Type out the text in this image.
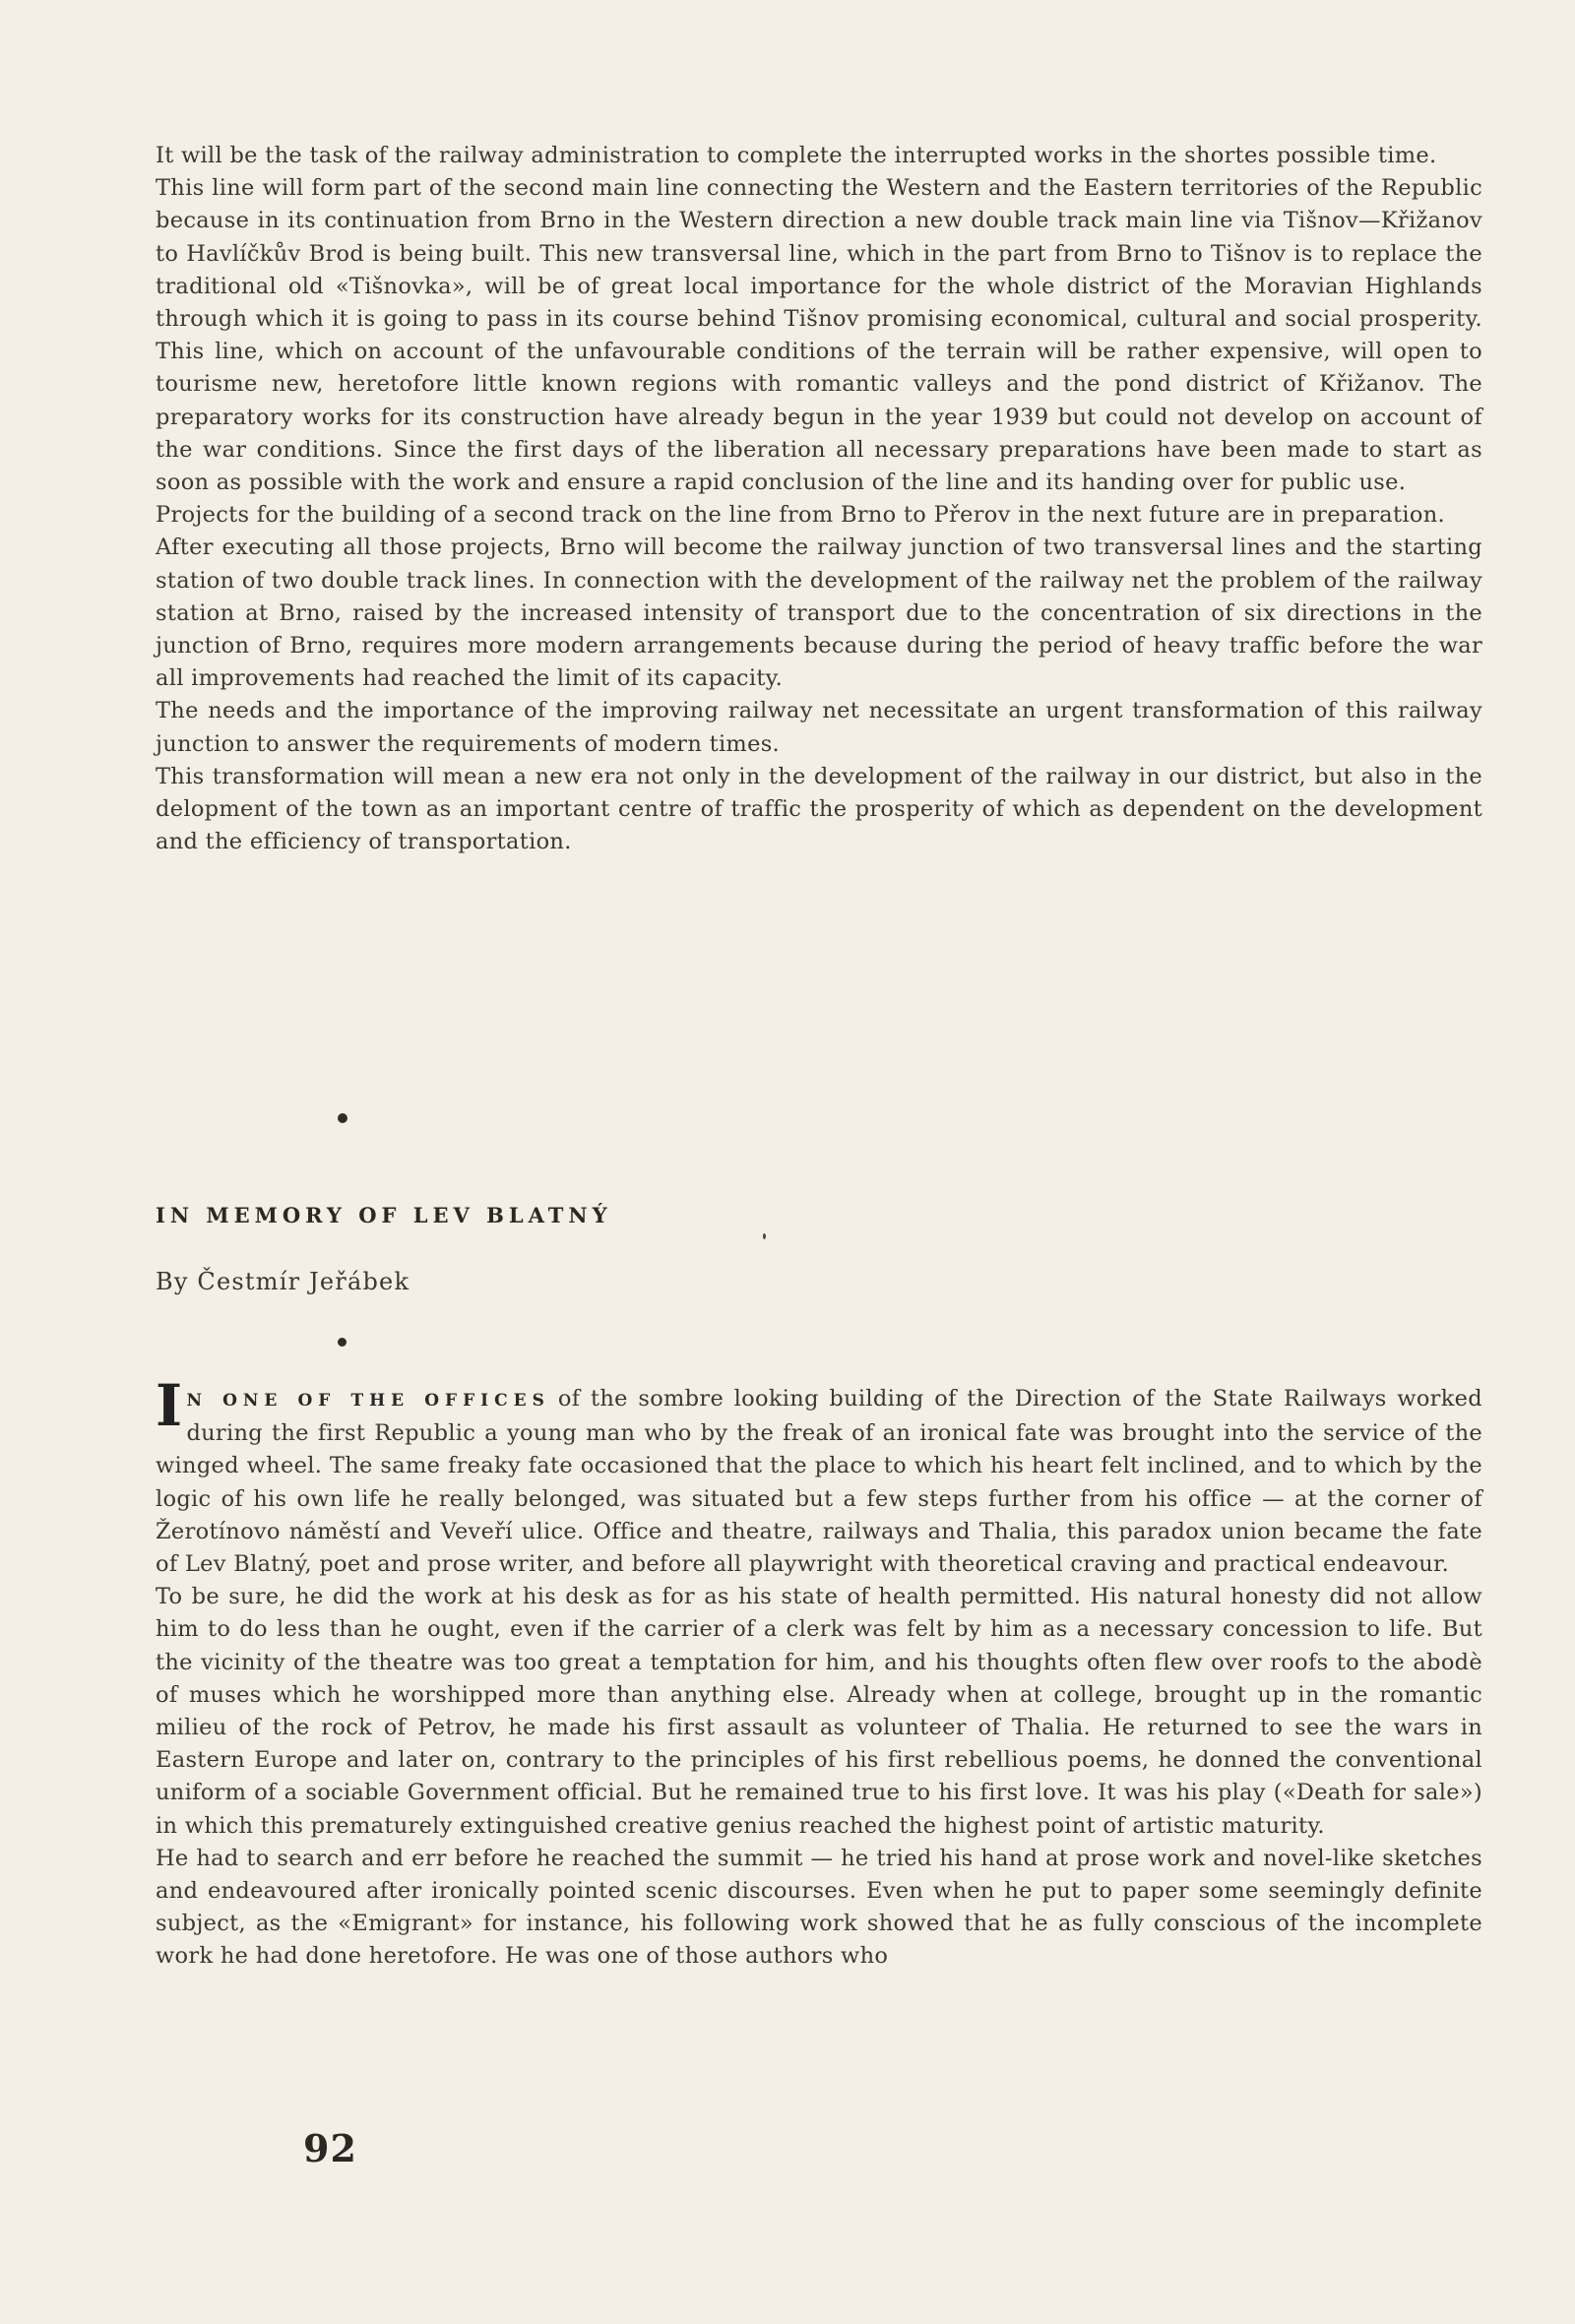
It will be the task of the railway administration to complete the interrupted works in the shortes possible time.

This line will form part of the second main line connecting the Western and the Eastern territories of the Republic because in its continuation from Brno in the Western direction a new double track main line via Tišnov—Křižanov to Havlíčkův Brod is being built. This new transversal line, which in the part from Brno to Tišnov is to replace the traditional old «Tišnovka», will be of great local importance for the whole district of the Moravian Highlands through which it is going to pass in its course behind Tišnov promising economical, cultural and social prosperity. This line, which on account of the unfavourable conditions of the terrain will be rather expensive, will open to tourisme new, heretofore little known regions with romantic valleys and the pond district of Křižanov. The preparatory works for its construction have already begun in the year 1939 but could not develop on account of the war conditions. Since the first days of the liberation all necessary preparations have been made to start as soon as possible with the work and ensure a rapid conclusion of the line and its handing over for public use.

Projects for the building of a second track on the line from Brno to Přerov in the next future are in preparation.

After executing all those projects, Brno will become the railway junction of two transversal lines and the starting station of two double track lines. In connection with the development of the railway net the problem of the railway station at Brno, raised by the increased intensity of transport due to the concentration of six directions in the junction of Brno, requires more modern arrangements because during the period of heavy traffic before the war all improvements had reached the limit of its capacity.

The needs and the importance of the improving railway net necessitate an urgent transformation of this railway junction to answer the requirements of modern times.

This transformation will mean a new era not only in the development of the railway in our district, but also in the delopment of the town as an important centre of traffic the prosperity of which as dependent on the development and the efficiency of transportation.

IN MEMORY OF LEV BLATNÝ
By Čestmír Jeřábek

I N ONE OF THE OFFICES of the sombre looking building of the Direction of the State Railways worked during the first Republic a young man who by the freak of an ironical fate was brought into the service of the winged wheel. The same freaky fate occasioned that the place to which his heart felt inclined, and to which by the logic of his own life he really belonged, was situated but a few steps further from his office — at the corner of Žerotínovo náměstí and Veveří ulice. Office and theatre, railways and Thalia, this paradox union became the fate of Lev Blatný, poet and prose writer, and before all playwright with theoretical craving and practical endeavour.

To be sure, he did the work at his desk as for as his state of health permitted. His natural honesty did not allow him to do less than he ought, even if the carrier of a clerk was felt by him as a necessary concession to life. But the vicinity of the theatre was too great a temptation for him, and his thoughts often flew over roofs to the abodè of muses which he worshipped more than anything else. Already when at college, brought up in the romantic milieu of the rock of Petrov, he made his first assault as volunteer of Thalia. He returned to see the wars in Eastern Europe and later on, contrary to the principles of his first rebellious poems, he donned the conventional uniform of a sociable Government official. But he remained true to his first love. It was his play («Death for sale») in which this prematurely extinguished creative genius reached the highest point of artistic maturity.

He had to search and err before he reached the summit — he tried his hand at prose work and novel-like sketches and endeavoured after ironically pointed scenic discourses. Even when he put to paper some seemingly definite subject, as the «Emigrant» for instance, his following work showed that he as fully conscious of the incomplete work he had done heretofore. He was one of those authors who

92
